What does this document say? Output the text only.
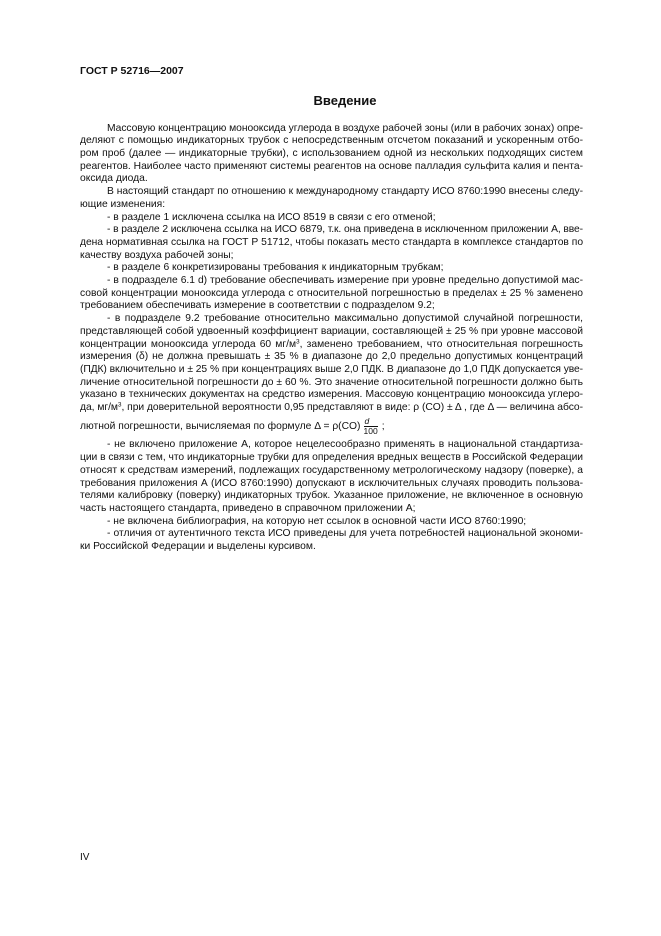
ГОСТ Р 52716—2007
Введение
Массовую концентрацию монооксида углерода в воздухе рабочей зоны (или в рабочих зонах) опре-
деляют с помощью индикаторных трубок с непосредственным отсчетом показаний и ускоренным отбо-
ром проб (далее — индикаторные трубки), с использованием одной из нескольких подходящих систем
реагентов. Наиболее часто применяют системы реагентов на основе палладия сульфита калия и пента-
оксида диода.
В настоящий стандарт по отношению к международному стандарту ИСО 8760:1990 внесены следу-
ющие изменения:
- в разделе 1 исключена ссылка на ИСО 8519 в связи с его отменой;
- в разделе 2 исключена ссылка на ИСО 6879, т.к. она приведена в исключенном приложении А, вве-
дена нормативная ссылка на ГОСТ Р 51712, чтобы показать место стандарта в комплексе стандартов по
качеству воздуха рабочей зоны;
- в разделе 6 конкретизированы требования к индикаторным трубкам;
- в подразделе 6.1 d) требование обеспечивать измерение при уровне предельно допустимой мас-
совой концентрации монооксида углерода с относительной погрешностью в пределах ± 25 % заменено
требованием обеспечивать измерение в соответствии с подразделом 9.2;
- в подразделе 9.2 требование относительно максимально допустимой случайной погрешности,
представляющей собой удвоенный коэффициент вариации, составляющей ± 25 % при уровне массовой
концентрации монооксида углерода 60 $мг/м^3$, заменено требованием, что относительная погрешность
измерения (δ) не должна превышать ± 35 % в диапазоне до 2,0 предельно допустимых концентраций
(ПДК) включительно и ± 25 % при концентрациях выше 2,0 ПДК. В диапазоне до 1,0 ПДК допускается уве-
личение относительной погрешности до ± 60 %. Это значение относительной погрешности должно быть
указано в технических документах на средство измерения. Массовую концентрацию монооксида углеро-
да, $мг/м^3$, при доверительной вероятности 0,95 представляют в виде: ρ (CO) ± Δ , где Δ — величина абсо-
лютной погрешности, вычисляемая по формуле $\Delta = \rho(CO) \frac{d}{100}$ ;
- не включено приложение А, которое нецелесообразно применять в национальной стандартиза-
ции в связи с тем, что индикаторные трубки для определения вредных веществ в Российской Федерации
относят к средствам измерений, подлежащих государственному метрологическому надзору (поверке), а
требования приложения А (ИСО 8760:1990) допускают в исключительных случаях проводить пользова-
телями калибровку (поверку) индикаторных трубок. Указанное приложение, не включенное в основную
часть настоящего стандарта, приведено в справочном приложении А;
- не включена библиография, на которую нет ссылок в основной части ИСО 8760:1990;
- отличия от аутентичного текста ИСО приведены для учета потребностей национальной экономи-
ки Российской Федерации и выделены курсивом.
IV
